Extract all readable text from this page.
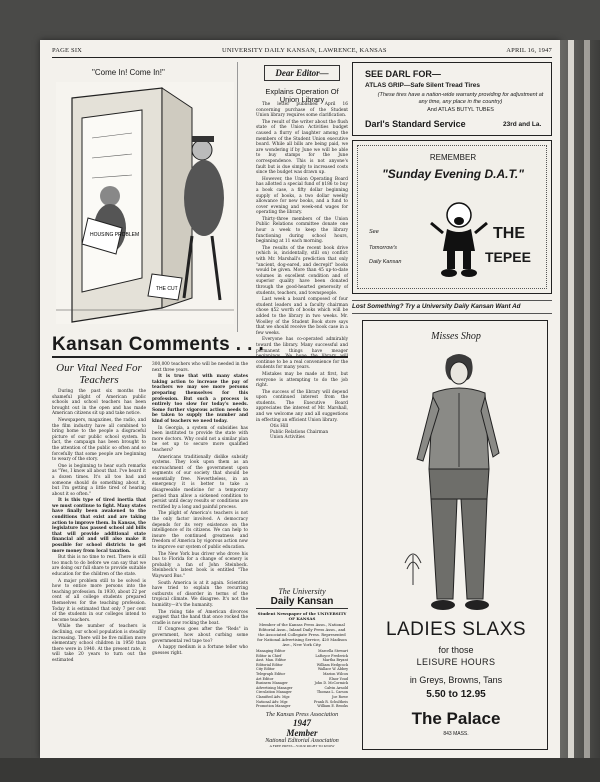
PAGE SIX	UNIVERSITY DAILY KANSAN, LAWRENCE, KANSAS	APRIL 16, 1947
"Come In! Come In!"
HOUSING PROBLEM
THE CUT
Kansan Comments . . .
Our Vital Need For Teachers

During the past six months the shameful plight of American public schools and school teachers has been brought out in the open and has made American citizens sit up and take notice.

Newspapers, magazines, the radio, and the film industry have all combined to bring home to the people a disgraceful picture of our public school system. In fact, the campaign has been brought to the attention of the public so often and so forcefully that some people are beginning to weary of the story.

One is beginning to hear such remarks as "Yes, I know all about that. I've heard it a dozen times. It's all too bad and someone should do something about it, but I'm getting a little tired of hearing about it so often."

It is this type of tired inertia that we must continue to fight. Many states have finally been awakened to the conditions that exist and are taking action to improve them. In Kansas, the legislature has passed school aid bills that will provide additional state financial aid and will also make it possible for school districts to get more money from local taxation.

But this is no time to rest. There is still too much to do before we can say that we are doing our full share to provide suitable education for the children of the state.

A major problem still to be solved is how to entice more persons into the teaching profession. In 1930, about 22 per cent of all college students prepared themselves for the teaching profession. Today it is estimated that only 7 per cent of the students in our colleges intend to become teachers.

While the number of teachers is declining, our school population is steadily increasing. There will be five million more elementary school children in 1950 than there were in 1940. At the present rate, it will take 20 years to turn out the estimated

300,000 teachers who will be needed in the next three years.

It is true that with many states taking action to increase the pay of teachers we may see more persons preparing themselves for this profession. But such a process is entirely too slow for today's needs. Some further vigorous action needs to be taken to supply the number and kind of teachers we need today.

In Georgia, a system of subsidies has been instituted to provide the state with more doctors. Why could not a similar plan be set up to secure more qualified teachers?

Americans traditionally dislike subsidy systems. They look upon them as an encroachment of the government upon segments of our society that should be essentially free. Nevertheless, in an emergency it is better to take a disagreeable medicine for a temporary period than allow a sickened condition to persist until decay results or conditions are rectified by a long and painful process.

The plight of America's teachers is not the only factor involved. A democracy depends for its very existence on the intelligence of its citizens. We can help to insure the continued greatness and freedom of America by vigorous action now to improve our system of public education.

The New York bus driver who drove his bus to Florida for a change of scenery is probably a fan of John Steinbeck. Steinbeck's latest book is entitled "The Wayward Bus."

South America is at it again. Scientists have tried to explain the recurring outbursts of disorder in terms of the tropical climate. We disagree. It's not the humidity—it's the humanity.

The rising tide of American divorces suggest that the hand that once rocked the cradle is now rocking the boat.

If Congress goes after the "Reds" in government, how about curbing some governmental red tape too?

A happy medium is a fortune teller who guesses right.

Dear Editor—
Explains Operation Of Union Library

The letter published April 16 concerning purchase of the Student Union library requires some clarification.

The result of the writer about the flush state of the Union Activities budget caused a flurry of laughter among the members of the Student Union executive board. While all bills are being paid, we are wondering if by June we will be able to buy stamps for the June correspondence. This is not anyone's fault but is due simply to increased costs since the budget was drawn up.

However, the Union Operating Board has allotted a special fund of $186 to buy a book case, a fifty dollar beginning supply of books, a two dollar weekly allowance for new books, and a fund to cover evening and week-end wages for operating the library.

Thirty-three members of the Union Public Relations committee donate one hour a week to keep the library functioning during school hours, beginning at 11 each morning.

The results of the recent book drive (which is, incidentally, still on) conflict with Mr. Marshall's prediction that only "ancient, dog-eared, and decrepit" books would be given. More than 45 up-to-date volumes in excellent condition and of superior quality have been donated through the good-hearted generosity of students, teachers, and townspeople.

Last week a board composed of four student leaders and a faculty chairman chose $52 worth of books which will be added to the library in two weeks. Mr. Woolley of the Student Book store says that we should receive the book case in a few weeks.

Everyone has co-operated admirably toward the library. Many successful and permanent things have meager beginnings. We hope the library will continue to be a real convenience for the students for many years.

Mistakes may be made at first, but everyone is attempting to do the job right.

The success of the library will depend upon continued interest from the students. The Executive Board appreciates the interest of Mr. Marshall, and we welcome any and all suggestions in effecting an efficient Union library.

Otis Hill
Public Relations Chairman
Union Activities

The University
Daily Kansan
Student Newspaper of the UNIVERSITY OF KANSAS
Member of the Kansas Press Assn., National Editorial Assn., Inland Daily Press Assn., and the Associated Collegiate Press. Represented for National Advertising Service, 420 Madison Ave., New York City.
Managing Editor	Marcella Stewart
Editor in Chief	LaRoyce Frederick
Asst. Man. Editor	Martha Bryant
Editorial Editor	William Hedgcock
City Editor	Wallace W. Abbey
Telegraph Editor	Marion Wilcox
Art Editor	Elnor Youd
Business Manager	John D. McCormick
Advertising Manager	Calvin Arnold
Circulation Manager	Thomas L. Carson
Classified Adv. Mgr.	Joe Rowe
National Adv. Mgr.	Frank R. Schultheis
Promotion Manager	William E. Brooks
The Kansas Press Association
1947
Member
National Editorial Association
A FREE PRESS—YOUR RIGHT TO KNOW
SEE DARL FOR—
ATLAS GRIP—Safe Silent Tread Tires
(These tires have a nation-wide warranty providing for adjustment at any time, any place in the country)
And ATLAS BUTYL TUBES
Darl's Standard Service	23rd and La.
REMEMBER
"Sunday Evening D.A.T."
See
Tomorrow's
Daily Kansan
THE
TEPEE
Lost Something? Try a University Daily Kansan Want Ad
Misses Shop
LADIES SLAXS
for those
LEISURE HOURS
in Greys, Browns, Tans
5.50 to 12.95
The Palace
843 MASS.
